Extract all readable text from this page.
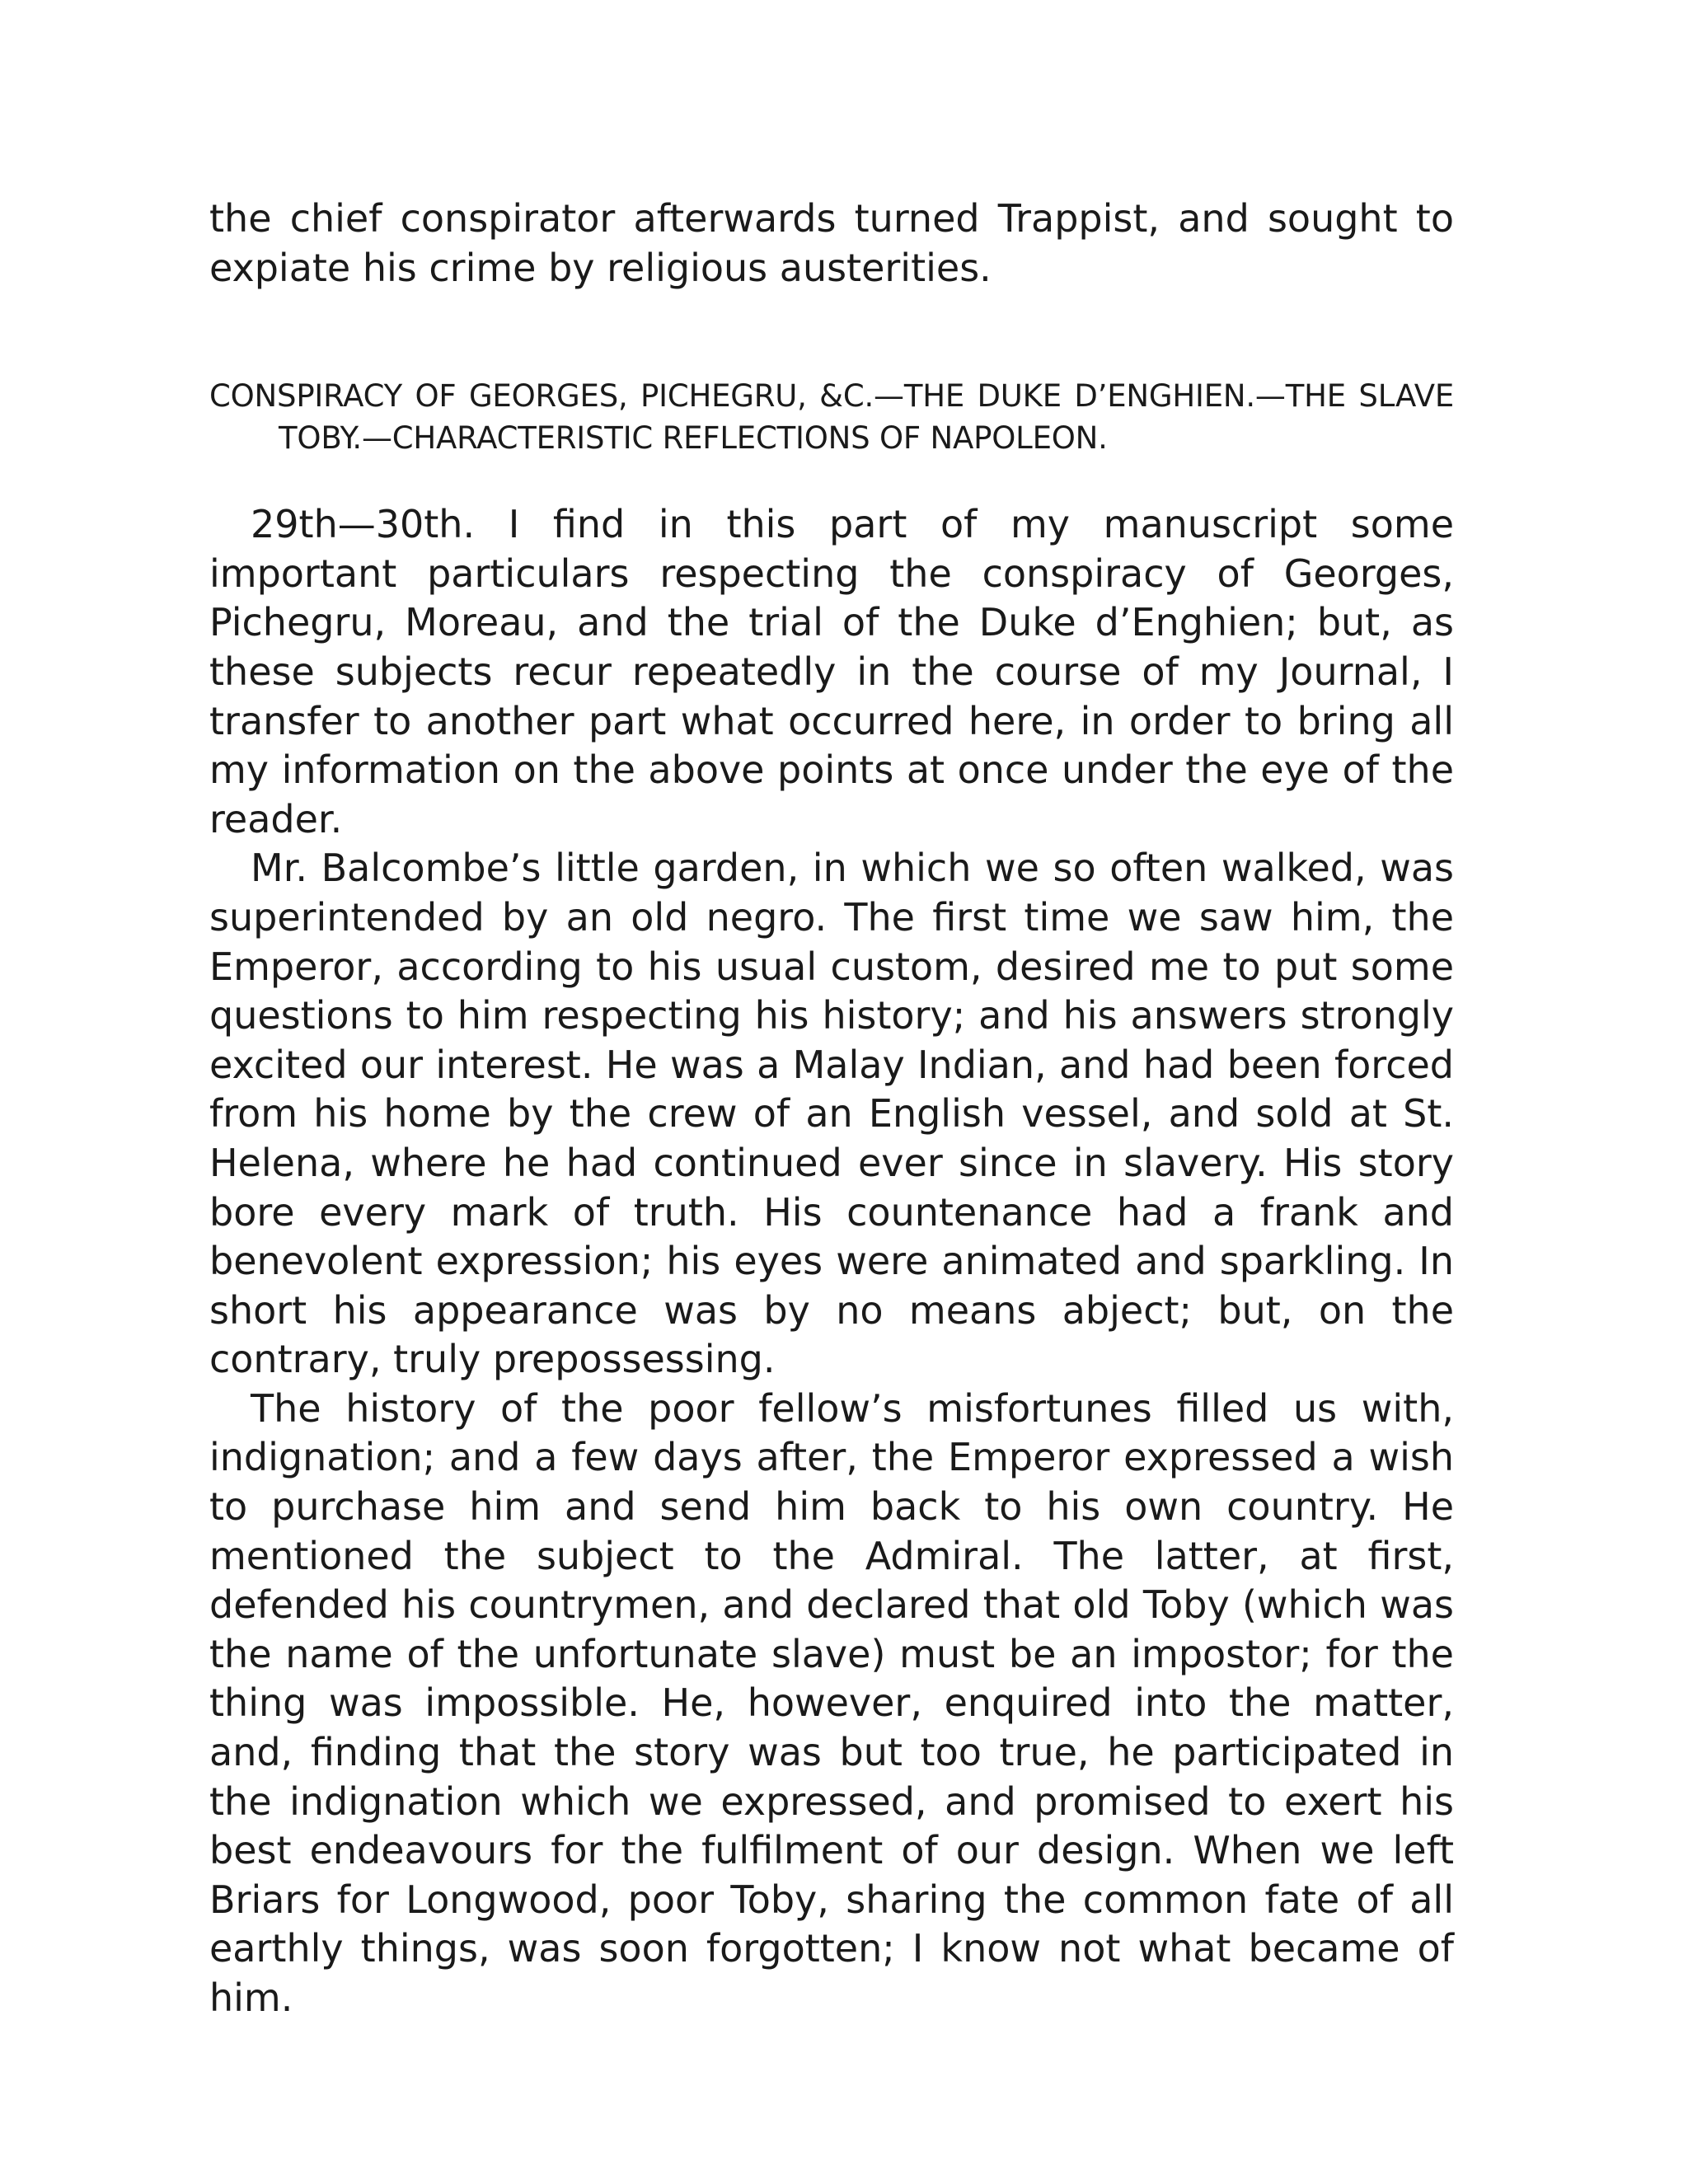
the chief conspirator afterwards turned Trappist, and sought to expiate his crime by religious austerities.

CONSPIRACY OF GEORGES, PICHEGRU, &C.—THE DUKE D’ENGHIEN.—THE SLAVE TOBY.—CHARACTERISTIC REFLECTIONS OF NAPOLEON.

29th—30th. I find in this part of my manuscript some important particulars respecting the conspiracy of Georges, Pichegru, Moreau, and the trial of the Duke d’Enghien; but, as these subjects recur repeatedly in the course of my Journal, I transfer to another part what occurred here, in order to bring all my information on the above points at once under the eye of the reader.

Mr. Balcombe’s little garden, in which we so often walked, was superintended by an old negro. The first time we saw him, the Emperor, according to his usual custom, desired me to put some questions to him respecting his history; and his answers strongly excited our interest. He was a Malay Indian, and had been forced from his home by the crew of an English vessel, and sold at St. Helena, where he had continued ever since in slavery. His story bore every mark of truth. His countenance had a frank and benevolent expression; his eyes were animated and sparkling. In short his appearance was by no means abject; but, on the contrary, truly prepossessing.

The history of the poor fellow’s misfortunes filled us with, indignation; and a few days after, the Emperor expressed a wish to purchase him and send him back to his own country. He mentioned the subject to the Admiral. The latter, at first, defended his countrymen, and declared that old Toby (which was the name of the unfortunate slave) must be an impostor; for the thing was impossible. He, however, enquired into the matter, and, finding that the story was but too true, he participated in the indignation which we expressed, and promised to exert his best endeavours for the fulfilment of our design. When we left Briars for Longwood, poor Toby, sharing the common fate of all earthly things, was soon forgotten; I know not what became of him.
